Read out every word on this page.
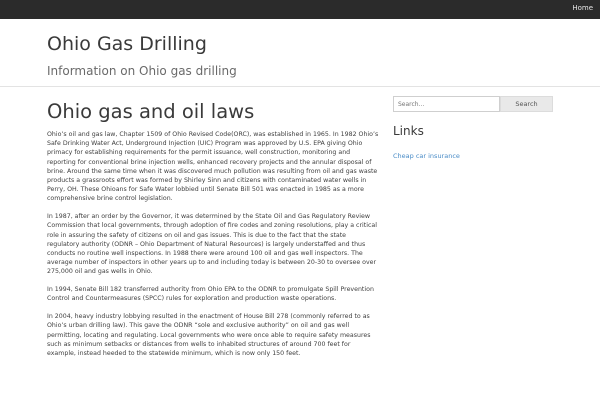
Home
Ohio Gas Drilling

Information on Ohio gas drilling

Ohio gas and oil laws

Ohio’s oil and gas law, Chapter 1509 of Ohio Revised Code(ORC), was established in 1965. In 1982 Ohio’s Safe Drinking Water Act, Underground Injection (UIC) Program was approved by U.S. EPA giving Ohio primacy for establishing requirements for the permit issuance, well construction, monitoring and reporting for conventional brine injection wells, enhanced recovery projects and the annular disposal of brine. Around the same time when it was discovered much pollution was resulting from oil and gas waste products a grassroots effort was formed by Shirley Sinn and citizens with contaminated water wells in Perry, OH. These Ohioans for Safe Water lobbied until Senate Bill 501 was enacted in 1985 as a more comprehensive brine control legislation.

In 1987, after an order by the Governor, it was determined by the State Oil and Gas Regulatory Review Commission that local governments, through adoption of fire codes and zoning resolutions, play a critical role in assuring the safety of citizens on oil and gas issues. This is due to the fact that the state regulatory authority (ODNR – Ohio Department of Natural Resources) is largely understaffed and thus conducts no routine well inspections. In 1988 there were around 100 oil and gas well inspectors. The average number of inspectors in other years up to and including today is between 20-30 to oversee over 275,000 oil and gas wells in Ohio.

In 1994, Senate Bill 182 transferred authority from Ohio EPA to the ODNR to promulgate Spill Prevention Control and Countermeasures (SPCC) rules for exploration and production waste operations.

In 2004, heavy industry lobbying resulted in the enactment of House Bill 278 (commonly referred to as Ohio’s urban drilling law). This gave the ODNR “sole and exclusive authority” on oil and gas well permitting, locating and regulating. Local governments who were once able to require safety measures such as minimum setbacks or distances from wells to inhabited structures of around 700 feet for example, instead heeded to the statewide minimum, which is now only 150 feet.

Search…
Search
Links
Cheap car insurance
